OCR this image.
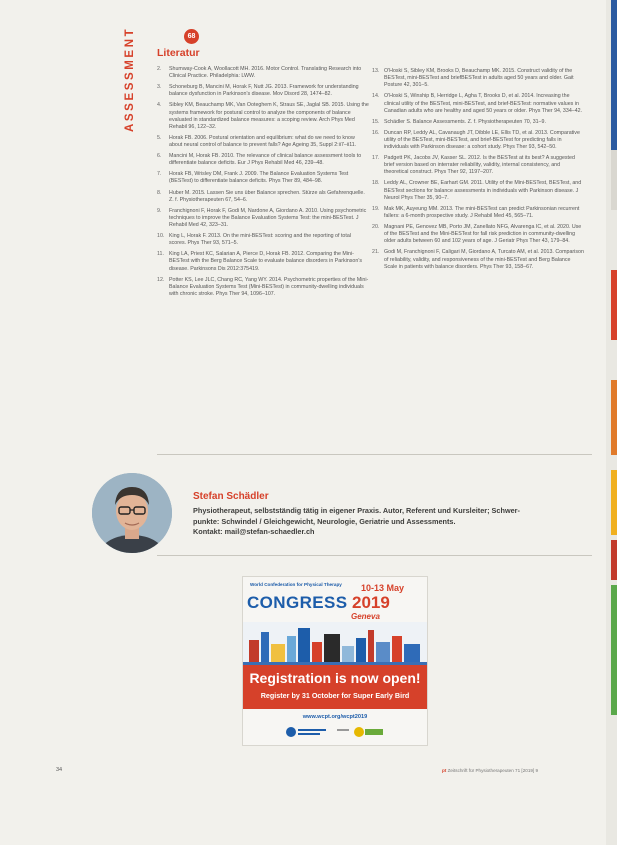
ASSESSMENT	68
Literatur
2.	Shumway-Cook A, Woollacott MH. 2016. Motor Control. Translating Research into Clinical Practice. Philadelphia: LWW.
3.	Schoneburg B, Mancini M, Horak F, Nutt JG. 2013. Framework for understanding balance dysfunction in Parkinson's disease. Mov Disord 28, 1474–82.
4.	Sibley KM, Beauchamp MK, Van Ooteghem K, Straus SE, Jaglal SB. 2015. Using the systems framework for postural control to analyze the components of balance evaluated in standardized balance measures: a scoping review. Arch Phys Med Rehabil 96, 122–32.
5.	Horak FB. 2006. Postural orientation and equilibrium: what do we need to know about neural control of balance to prevent falls? Age Ageing 35, Suppl 2:ii7–ii11.
6.	Mancini M, Horak FB. 2010. The relevance of clinical balance assessment tools to differentiate balance deficits. Eur J Phys Rehabil Med 46, 239–48.
7.	Horak FB, Wrisley DM, Frank J. 2009. The Balance Evaluation Systems Test (BESTest) to differentiate balance deficits. Phys Ther 89, 484–98.
8.	Huber M. 2015. Lassen Sie uns über Balance sprechen. Stürze als Gefahrenquelle. Z. f. Physiotherapeuten 67, 54–6.
9.	Franchignoni F, Horak F, Godi M, Nardone A, Giordano A. 2010. Using psychometric techniques to improve the Balance Evaluation Systems Test: the mini-BESTest. J Rehabil Med 42, 323–31.
10. King L, Horak F. 2013. On the mini-BESTest: scoring and the reporting of total scores. Phys Ther 93, 571–5.
11. King LA, Priest KC, Salarian A, Pierce D, Horak FB. 2012. Comparing the Mini-BESTest with the Berg Balance Scale to evaluate balance disorders in Parkinson's disease. Parkinsons Dis 2012:375419.
12. Potter KS, Lee JLC, Chang RC, Yang WY. 2014. Psychometric properties of the Mini-Balance Evaluation Systems Test (Mini-BESTest) in community-dwelling individuals with chronic stroke. Phys Ther 94, 1096–107.
13. O'Hoski S, Sibley KM, Brooks D, Beauchamp MK. 2015. Construct validity of the BESTest, mini-BESTest and briefBESTest in adults aged 50 years and older. Gait Posture 42, 301–5.
14. O'Hoski S, Winship B, Herridge L, Agha T, Brooks D, et al. 2014. Increasing the clinical utility of the BESTest, mini-BESTest, and brief-BESTest: normative values in Canadian adults who are healthy and aged 50 years or older. Phys Ther 94, 334–42.
15. Schädler S. Balance Assessments. Z. f. Physiotherapeuten 70, 31–9.
16. Duncan RP, Leddy AL, Cavanaugh JT, Dibble LE, Ellis TD, et al. 2013. Comparative utility of the BESTest, mini-BESTest, and brief-BESTest for predicting falls in individuals with Parkinson disease: a cohort study. Phys Ther 93, 542–50.
17. Padgett PK, Jacobs JV, Kasser SL. 2012. Is the BESTest at its best? A suggested brief version based on interrater reliability, validity, internal consistency, and theoretical construct. Phys Ther 92, 1197–207.
18. Leddy AL, Crowner BE, Earhart GM. 2011. Utility of the Mini-BESTest, BESTest, and BESTest sections for balance assessments in individuals with Parkinson disease. J Neurol Phys Ther 35, 90–7.
19. Mak MK, Auyeung MM. 2013. The mini-BESTest can predict Parkinsonian recurrent fallers: a 6-month prospective study. J Rehabil Med 45, 565–71.
20. Magnani PE, Genovez MB, Porto JM, Zanellato NFG, Alvarenga IC, et al. 2020. Use of the BESTest and the Mini-BESTest for fall risk prediction in community-dwelling older adults between 60 and 102 years of age. J Geriatr Phys Ther 43, 179–84.
21. Godi M, Franchignoni F, Caligari M, Giordano A, Turcato AM, et al. 2013. Comparison of reliability, validity, and responsiveness of the mini-BESTest and Berg Balance Scale in patients with balance disorders. Phys Ther 93, 158–67.
Stefan Schädler
Physiotherapeut, selbstständig tätig in eigener Praxis. Autor, Referent und Kursleiter; Schwer-
punkte: Schwindel / Gleichgewicht, Neurologie, Geriatrie und Assessments.
Kontakt: mail@stefan-schaedler.ch
World Confederation for Physical Therapy 10-13 May
CONGRESS 2019
Geneva
Registration is now open!
Register by 31 October for Super Early Bird
www.wcpt.org/wcpt2019
34	pt Zeitschrift für Physiotherapeuten 71 [2019] 9
